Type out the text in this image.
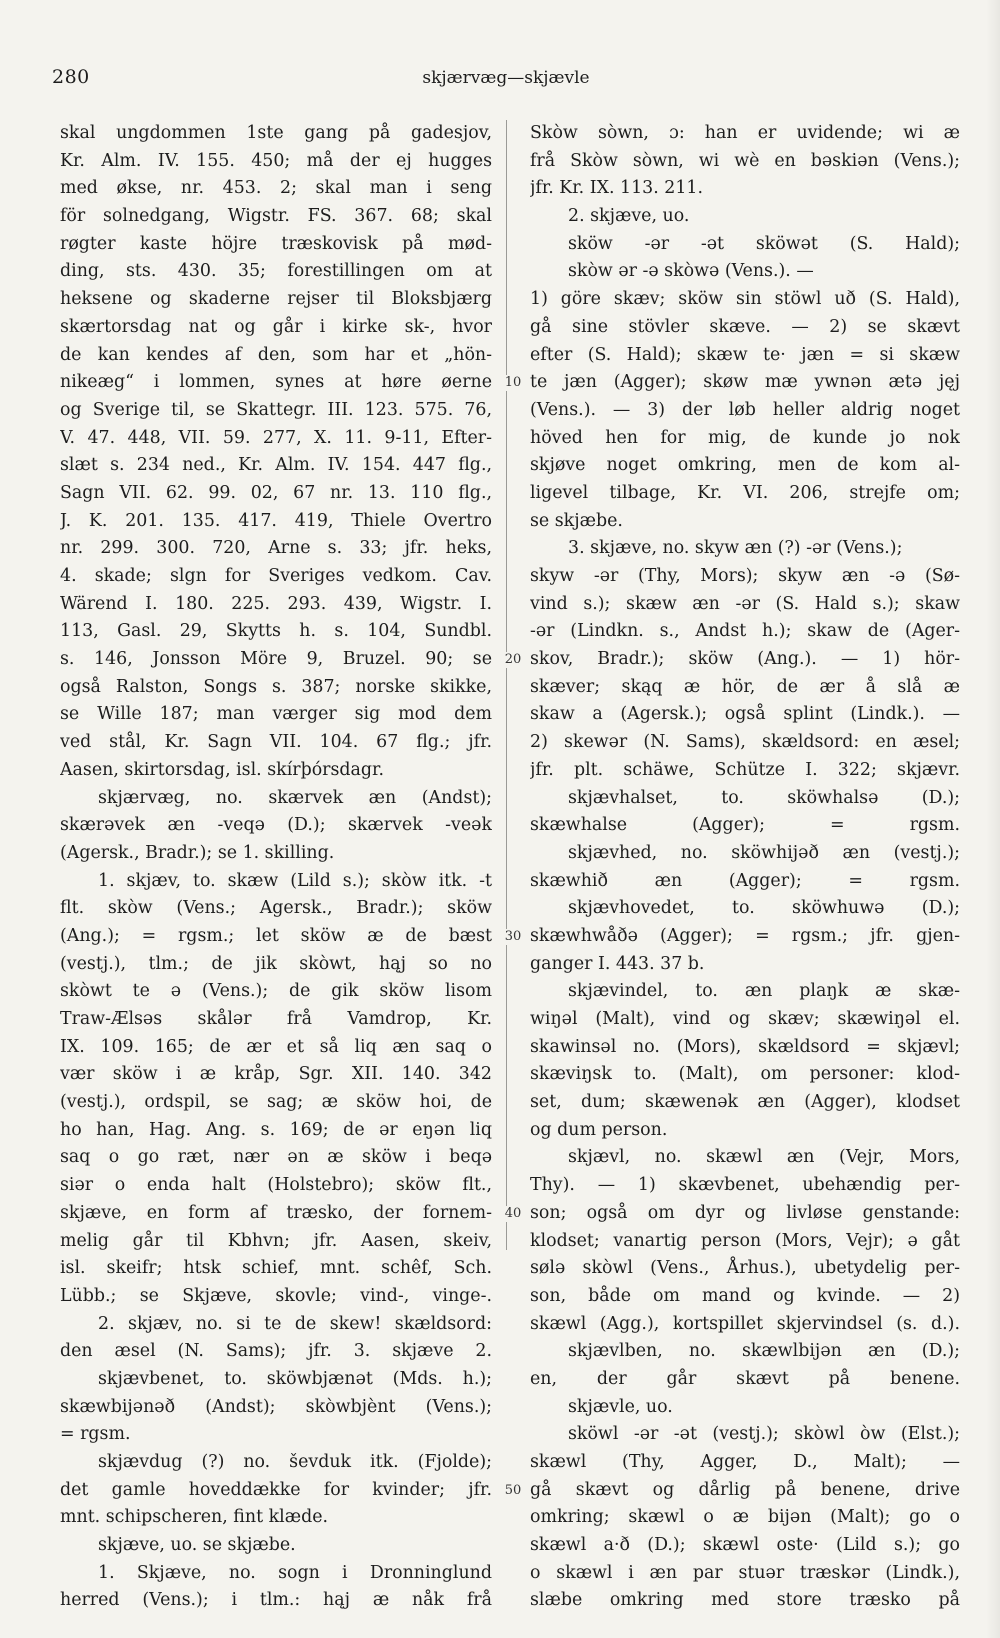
280	skjærvæg—skjævle
skal ungdommen 1ste gang på gadesjov,
Kr. Alm. IV. 155. 450; må der ej hugges
med økse, nr. 453. 2; skal man i seng
för solnedgang, Wigstr. FS. 367. 68; skal
røgter kaste höjre træskovisk på mød-
ding, sts. 430. 35; forestillingen om at
heksene og skaderne rejser til Bloksbjærg
skærtorsdag nat og går i kirke sk-, hvor
de kan kendes af den, som har et „hön-
nikeæg“ i lommen, synes at høre øerne
og Sverige til, se Skattegr. III. 123. 575. 76,
V. 47. 448, VII. 59. 277, X. 11. 9-11, Efter-
slæt s. 234 ned., Kr. Alm. IV. 154. 447 flg.,
Sagn VII. 62. 99. 02, 67 nr. 13. 110 flg.,
J. K. 201. 135. 417. 419, Thiele Overtro
nr. 299. 300. 720, Arne s. 33; jfr. heks,
4. skade; slgn for Sveriges vedkom. Cav.
Wärend I. 180. 225. 293. 439, Wigstr. I.
113, Gasl. 29, Skytts h. s. 104, Sundbl.
s. 146, Jonsson Möre 9, Bruzel. 90; se
også Ralston, Songs s. 387; norske skikke,
se Wille 187; man værger sig mod dem
ved stål, Kr. Sagn VII. 104. 67 flg.; jfr.
Aasen, skirtorsdag, isl. skírþórsdagr.
skjærvæg, no. skærvek æn (Andst);
skærəvek æn -veqə (D.); skærvek -veək
(Agersk., Bradr.); se 1. skilling.
1. skjæv, to. skæw (Lild s.); skòw itk. -t
flt. skòw (Vens.; Agersk., Bradr.); sköw
(Ang.); = rgsm.; let sköw æ de bæst
(vestj.), tlm.; de jik skòwt, hąj so no
skòwt te ə (Vens.); de gik sköw lisom
Traw-Ælsəs skålər frå Vamdrop, Kr.
IX. 109. 165; de ær et så liq æn saq o
vær sköw i æ kråp, Sgr. XII. 140. 342
(vestj.), ordspil, se sag; æ sköw hoi, de
ho han, Hag. Ang. s. 169; de ər eŋən liq
saq o go ræt, nær ən æ sköw i beqə
siər o enda halt (Holstebro); sköw flt.,
skjæve, en form af træsko, der fornem-
melig går til Kbhvn; jfr. Aasen, skeiv,
isl. skeifr; htsk schief, mnt. schêf, Sch.
Lübb.; se Skjæve, skovle; vind-, vinge-.
2. skjæv, no. si te de skew! skældsord:
den æsel (N. Sams); jfr. 3. skjæve 2.
skjævbenet, to. sköwbjænət (Mds. h.);
skæwbijənəð (Andst); skòwbjènt (Vens.);
= rgsm.
skjævdug (?) no. ševduk itk. (Fjolde);
det gamle hoveddække for kvinder; jfr.
mnt. schipscheren, fint klæde.
skjæve, uo. se skjæbe.
1. Skjæve, no. sogn i Dronninglund
herred (Vens.); i tlm.: hąj æ nåk frå
Skòw sòwn, ɔ: han er uvidende; wi æ
frå Skòw sòwn, wi wè en bəskiən (Vens.);
jfr. Kr. IX. 113. 211.
2. skjæve, uo.
sköw -ər -ət sköwət (S. Hald);
skòw ər -ə skòwə (Vens.). —
1) göre skæv; sköw sin stöwl uð (S. Hald),
gå sine stövler skæve. — 2) se skævt
efter (S. Hald); skæw te· jæn = si skæw
te jæn (Agger); skøw mæ ywnən ætə jęj
(Vens.). — 3) der løb heller aldrig noget
höved hen for mig, de kunde jo nok
skjøve noget omkring, men de kom al-
ligevel tilbage, Kr. VI. 206, strejfe om;
se skjæbe.
3. skjæve, no. skyw æn (?) -ər (Vens.);
skyw -ər (Thy, Mors); skyw æn -ə (Sø-
vind s.); skæw æn -ər (S. Hald s.); skaw
-ər (Lindkn. s., Andst h.); skaw de (Ager-
skov, Bradr.); sköw (Ang.). — 1) hör-
skæver; skąq æ hör, de ær å slå æ
skaw a (Agersk.); også splint (Lindk.). —
2) skewər (N. Sams), skældsord: en æsel;
jfr. plt. schäwe, Schütze I. 322; skjævr.
skjævhalset, to. sköwhalsə (D.);
skæwhalse (Agger); = rgsm.
skjævhed, no. sköwhijəð æn (vestj.);
skæwhið æn (Agger); = rgsm.
skjævhovedet, to. sköwhuwə (D.);
skæwhwåðə (Agger); = rgsm.; jfr. gjen-
ganger I. 443. 37 b.
skjævindel, to. æn plaŋk æ skæ-
wiŋəl (Malt), vind og skæv; skæwiŋəl el.
skawinsəl no. (Mors), skældsord = skjævl;
skæviŋsk to. (Malt), om personer: klod-
set, dum; skæwenək æn (Agger), klodset
og dum person.
skjævl, no. skæwl æn (Vejr, Mors,
Thy). — 1) skævbenet, ubehændig per-
son; også om dyr og livløse genstande:
klodset; vanartig person (Mors, Vejr); ə gåt
sølə skòwl (Vens., Århus.), ubetydelig per-
son, både om mand og kvinde. — 2)
skæwl (Agg.), kortspillet skjervindsel (s. d.).
skjævlben, no. skæwlbijən æn (D.);
en, der går skævt på benene.
skjævle, uo.
sköwl -ər -ət (vestj.); skòwl òw (Elst.);
skæwl (Thy, Agger, D., Malt); —
gå skævt og dårlig på benene, drive
omkring; skæwl o æ bijən (Malt); go o
skæwl a·ð (D.); skæwl oste· (Lild s.); go
o skæwl i æn par stuər træskər (Lindk.),
slæbe omkring med store træsko på
10
20
30
40
50
